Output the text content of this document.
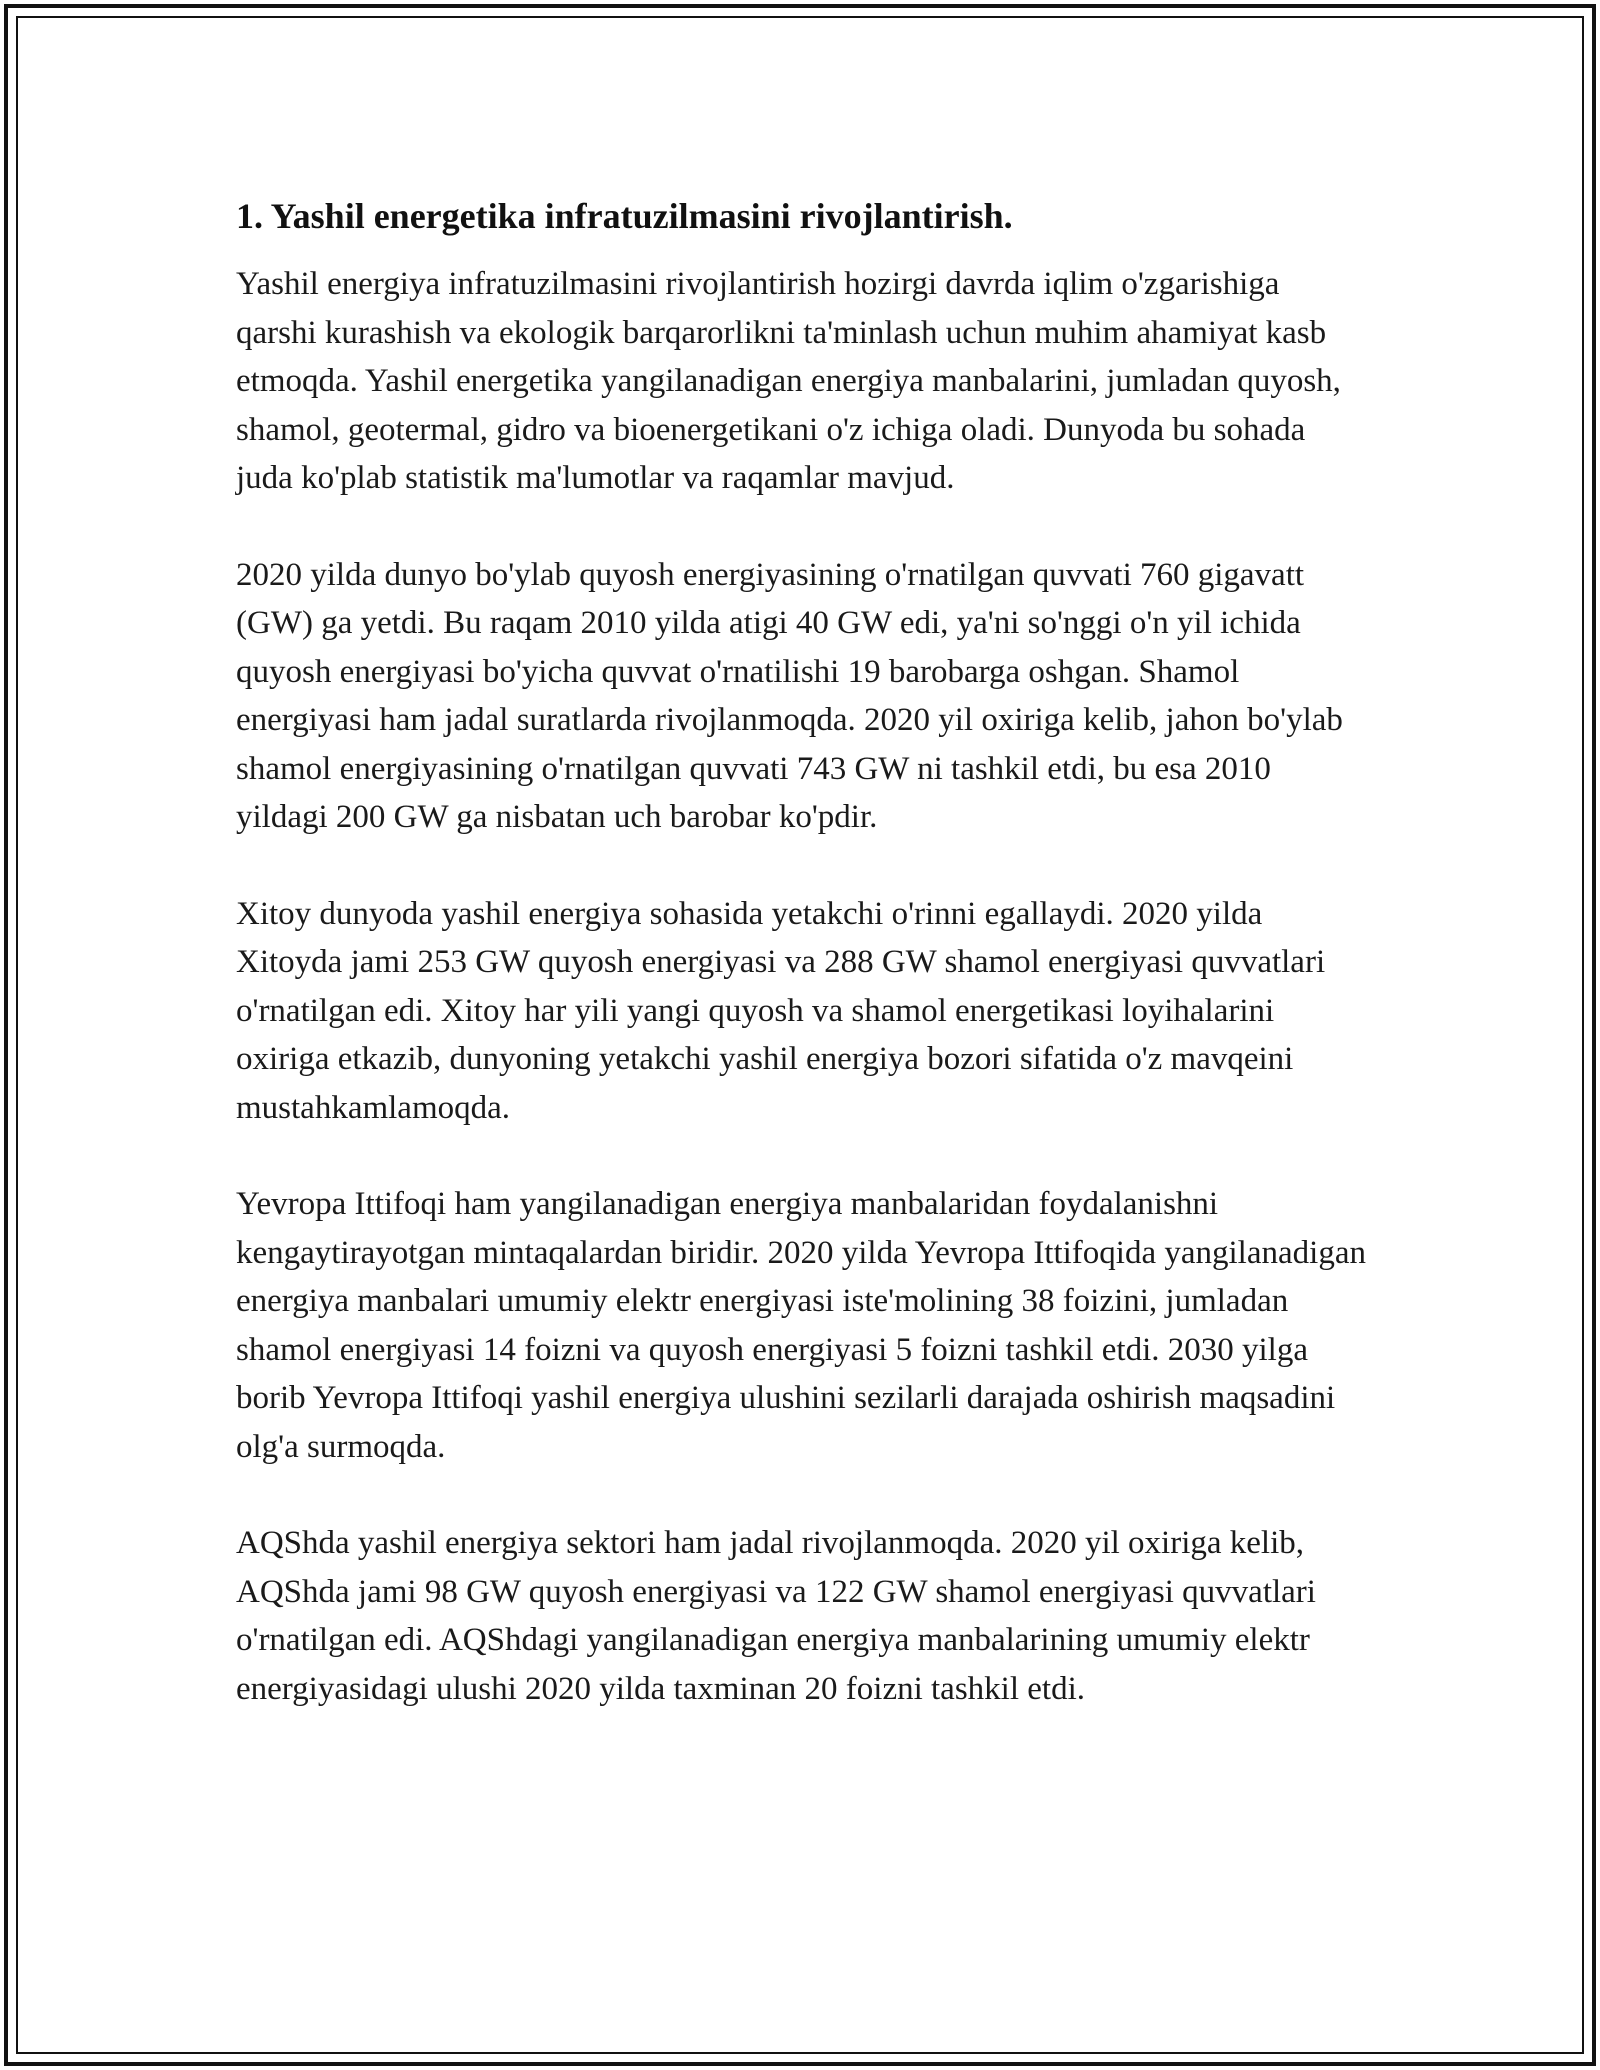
1. Yashil energetika infratuzilmasini rivojlantirish.

Yashil energiya infratuzilmasini rivojlantirish hozirgi davrda iqlim o'zgarishiga qarshi kurashish va ekologik barqarorlikni ta'minlash uchun muhim ahamiyat kasb etmoqda. Yashil energetika yangilanadigan energiya manbalarini, jumladan quyosh, shamol, geotermal, gidro va bioenergetikani o'z ichiga oladi. Dunyoda bu sohada juda ko'plab statistik ma'lumotlar va raqamlar mavjud.

2020 yilda dunyo bo'ylab quyosh energiyasining o'rnatilgan quvvati 760 gigavatt (GW) ga yetdi. Bu raqam 2010 yilda atigi 40 GW edi, ya'ni so'nggi o'n yil ichida quyosh energiyasi bo'yicha quvvat o'rnatilishi 19 barobarga oshgan. Shamol energiyasi ham jadal suratlarda rivojlanmoqda. 2020 yil oxiriga kelib, jahon bo'ylab shamol energiyasining o'rnatilgan quvvati 743 GW ni tashkil etdi, bu esa 2010 yildagi 200 GW ga nisbatan uch barobar ko'pdir.

Xitoy dunyoda yashil energiya sohasida yetakchi o'rinni egallaydi. 2020 yilda Xitoyda jami 253 GW quyosh energiyasi va 288 GW shamol energiyasi quvvatlari o'rnatilgan edi. Xitoy har yili yangi quyosh va shamol energetikasi loyihalarini oxiriga etkazib, dunyoning yetakchi yashil energiya bozori sifatida o'z mavqeini mustahkamlamoqda.

Yevropa Ittifoqi ham yangilanadigan energiya manbalaridan foydalanishni kengaytirayotgan mintaqalardan biridir. 2020 yilda Yevropa Ittifoqida yangilanadigan energiya manbalari umumiy elektr energiyasi iste'molining 38 foizini, jumladan shamol energiyasi 14 foizni va quyosh energiyasi 5 foizni tashkil etdi. 2030 yilga borib Yevropa Ittifoqi yashil energiya ulushini sezilarli darajada oshirish maqsadini olg'a surmoqda.

AQShda yashil energiya sektori ham jadal rivojlanmoqda. 2020 yil oxiriga kelib, AQShda jami 98 GW quyosh energiyasi va 122 GW shamol energiyasi quvvatlari o'rnatilgan edi. AQShdagi yangilanadigan energiya manbalarining umumiy elektr energiyasidagi ulushi 2020 yilda taxminan 20 foizni tashkil etdi.
